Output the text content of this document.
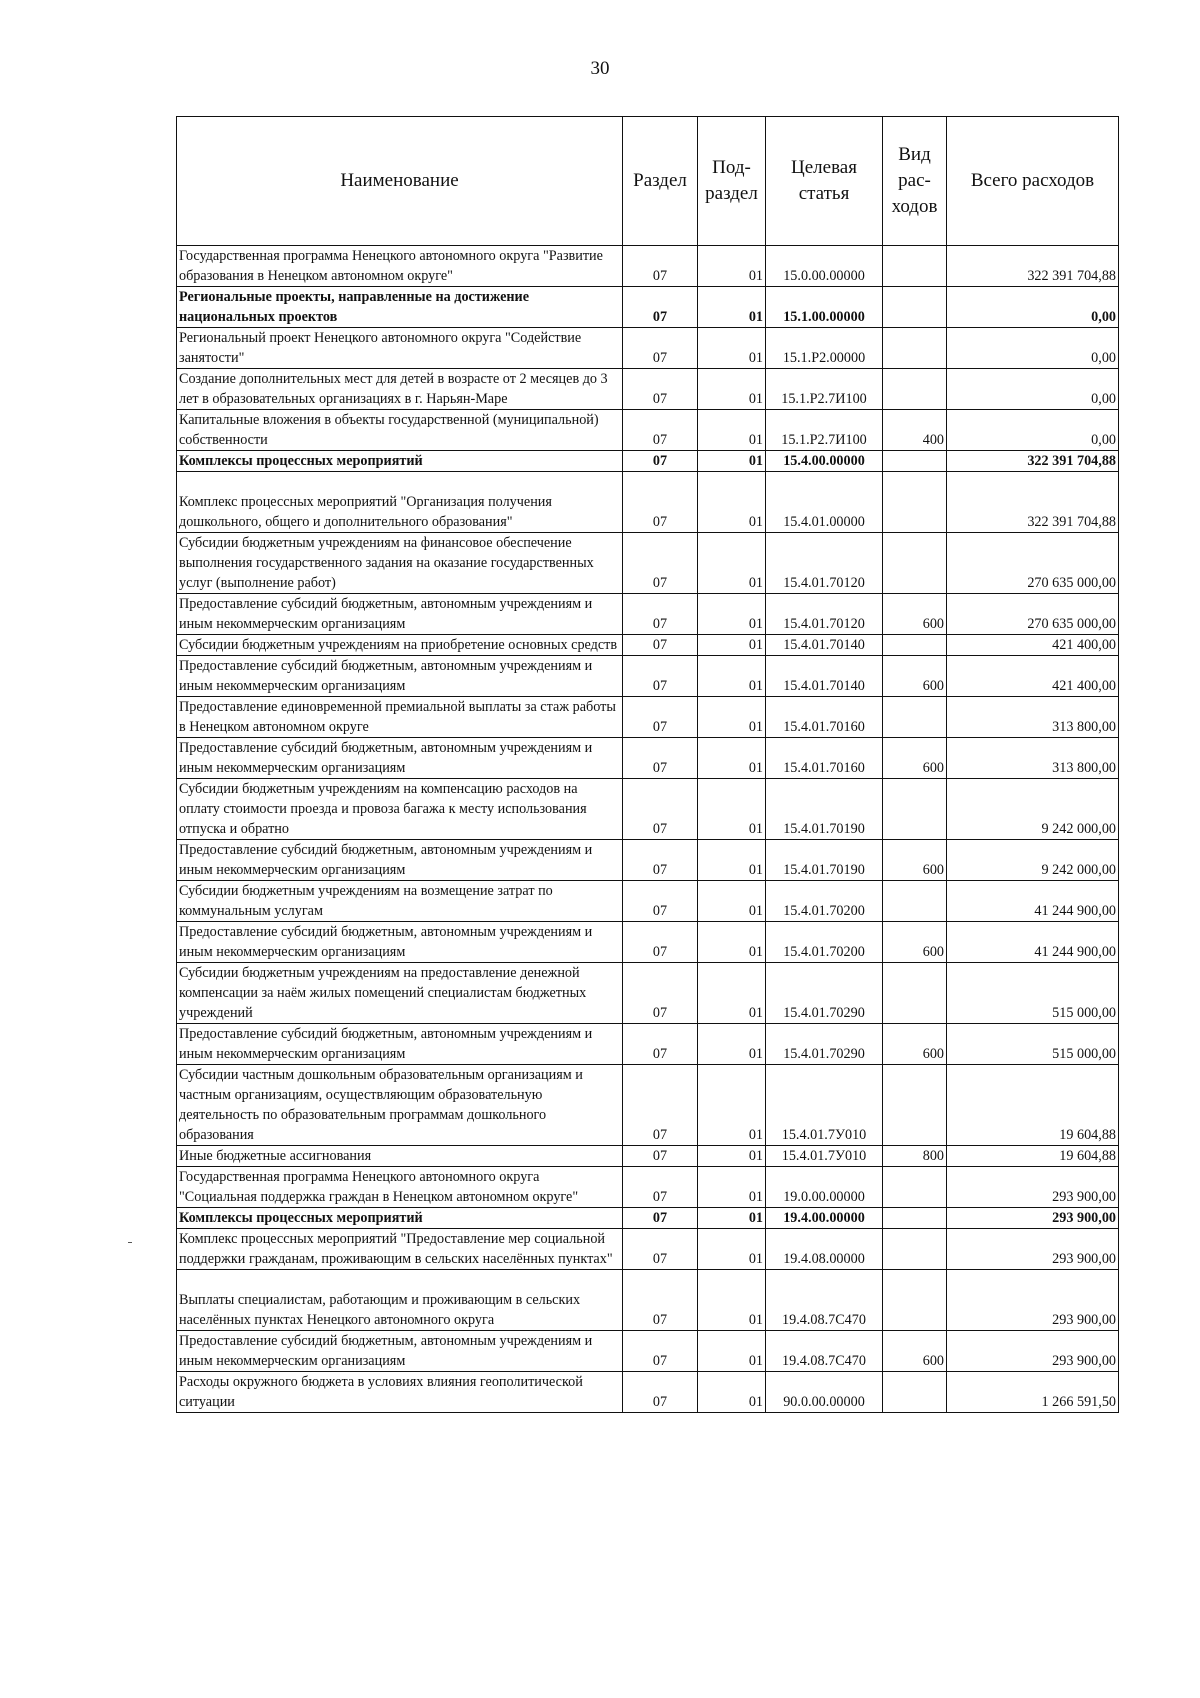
30
Наименование	Раздел	Под-раздел	Целевая статья	Вид рас-ходов	Всего расходов
Государственная программа Ненецкого автономного округа "Развитие образования в Ненецком автономном округе"	07	01	15.0.00.00000		322 391 704,88
Региональные проекты, направленные на достижение национальных проектов	07	01	15.1.00.00000		0,00
Региональный проект Ненецкого автономного округа "Содействие занятости"	07	01	15.1.Р2.00000		0,00
Создание дополнительных мест для детей в возрасте от 2 месяцев до 3 лет в образовательных организациях в г. Нарьян-Маре	07	01	15.1.Р2.7И100		0,00
Капитальные вложения в объекты государственной (муниципальной) собственности	07	01	15.1.Р2.7И100	400	0,00
Комплексы процессных мероприятий	07	01	15.4.00.00000		322 391 704,88
Комплекс процессных мероприятий "Организация получения дошкольного, общего и дополнительного образования"	07	01	15.4.01.00000		322 391 704,88
Субсидии бюджетным учреждениям на финансовое обеспечение выполнения государственного задания на оказание государственных услуг (выполнение работ)	07	01	15.4.01.70120		270 635 000,00
Предоставление субсидий бюджетным, автономным учреждениям и иным некоммерческим организациям	07	01	15.4.01.70120	600	270 635 000,00
Субсидии бюджетным учреждениям на приобретение основных средств	07	01	15.4.01.70140		421 400,00
Предоставление субсидий бюджетным, автономным учреждениям и иным некоммерческим организациям	07	01	15.4.01.70140	600	421 400,00
Предоставление единовременной премиальной выплаты за стаж работы в Ненецком автономном округе	07	01	15.4.01.70160		313 800,00
Предоставление субсидий бюджетным, автономным учреждениям и иным некоммерческим организациям	07	01	15.4.01.70160	600	313 800,00
Субсидии бюджетным учреждениям на компенсацию расходов на оплату стоимости проезда и провоза багажа к месту использования отпуска и обратно	07	01	15.4.01.70190		9 242 000,00
Предоставление субсидий бюджетным, автономным учреждениям и иным некоммерческим организациям	07	01	15.4.01.70190	600	9 242 000,00
Субсидии бюджетным учреждениям на возмещение затрат по коммунальным услугам	07	01	15.4.01.70200		41 244 900,00
Предоставление субсидий бюджетным, автономным учреждениям и иным некоммерческим организациям	07	01	15.4.01.70200	600	41 244 900,00
Субсидии бюджетным учреждениям на предоставление денежной компенсации за наём жилых помещений специалистам бюджетных учреждений	07	01	15.4.01.70290		515 000,00
Предоставление субсидий бюджетным, автономным учреждениям и иным некоммерческим организациям	07	01	15.4.01.70290	600	515 000,00
Субсидии частным дошкольным образовательным организациям и частным организациям, осуществляющим образовательную деятельность по образовательным программам дошкольного образования	07	01	15.4.01.7У010		19 604,88
Иные бюджетные ассигнования	07	01	15.4.01.7У010	800	19 604,88
Государственная программа Ненецкого автономного округа "Социальная поддержка граждан в Ненецком автономном округе"	07	01	19.0.00.00000		293 900,00
Комплексы процессных мероприятий	07	01	19.4.00.00000		293 900,00
Комплекс процессных мероприятий "Предоставление мер социальной поддержки гражданам, проживающим в сельских населённых пунктах"	07	01	19.4.08.00000		293 900,00
Выплаты специалистам, работающим и проживающим в сельских населённых пунктах Ненецкого автономного округа	07	01	19.4.08.7С470		293 900,00
Предоставление субсидий бюджетным, автономным учреждениям и иным некоммерческим организациям	07	01	19.4.08.7С470	600	293 900,00
Расходы окружного бюджета в условиях влияния геополитической ситуации	07	01	90.0.00.00000		1 266 591,50
